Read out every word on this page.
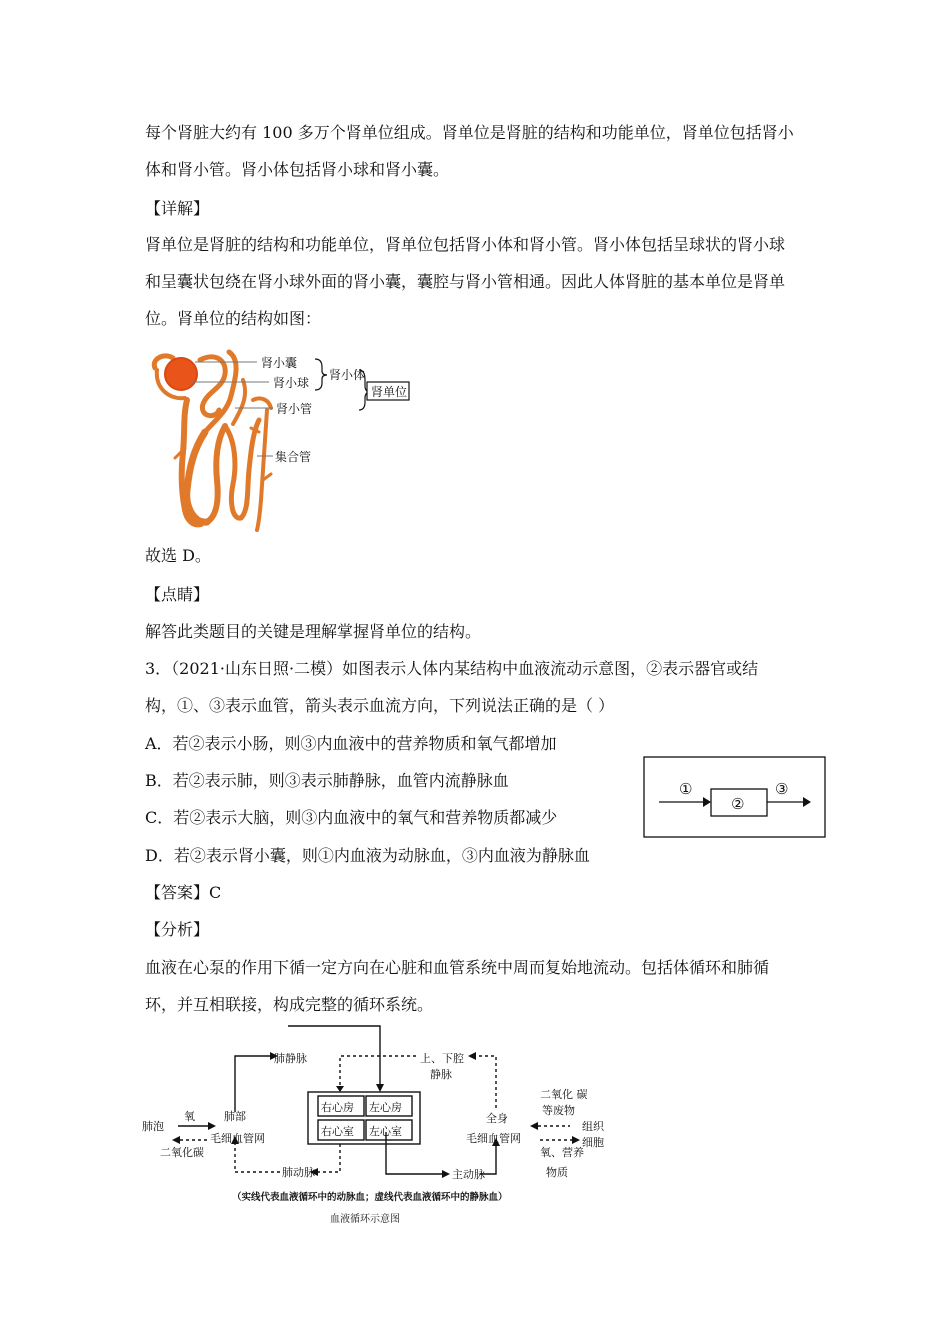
每个肾脏大约有 100 多万个肾单位组成。肾单位是肾脏的结构和功能单位，肾单位包括肾小
体和肾小管。肾小体包括肾小球和肾小囊。
【详解】
肾单位是肾脏的结构和功能单位，肾单位包括肾小体和肾小管。肾小体包括呈球状的肾小球
和呈囊状包绕在肾小球外面的肾小囊，囊腔与肾小管相通。因此人体肾脏的基本单位是肾单
位。肾单位的结构如图：
肾小囊
肾小球
肾小管
集合管
肾小体
肾单位
故选 D。
【点睛】
解答此类题目的关键是理解掌握肾单位的结构。
3．（2021·山东日照·二模）如图表示人体内某结构中血液流动示意图，②表示器官或结
构，①、③表示血管，箭头表示血流方向，下列说法正确的是（ ）
A．若②表示小肠，则③内血液中的营养物质和氧气都增加
B．若②表示肺，则③表示肺静脉，血管内流静脉血
C．若②表示大脑，则③内血液中的氧气和营养物质都减少
D．若②表示肾小囊，则①内血液为动脉血，③内血液为静脉血
①
②
③
【答案】C
【分析】
血液在心泵的作用下循一定方向在心脏和血管系统中周而复始地流动。包括体循环和肺循
环，并互相联接，构成完整的循环系统。
肺静脉	上、下腔
静脉
肺泡
氧
二氧化碳
肺部
毛细血管网
右心房 左心房
右心室 左心室
全身
毛细血管网
二氧化 碳
等废物
组织
细胞
氧、营养
物质
肺动脉	主动脉
（实线代表血液循环中的动脉血；虚线代表血液循环中的静脉血）
血液循环示意图
